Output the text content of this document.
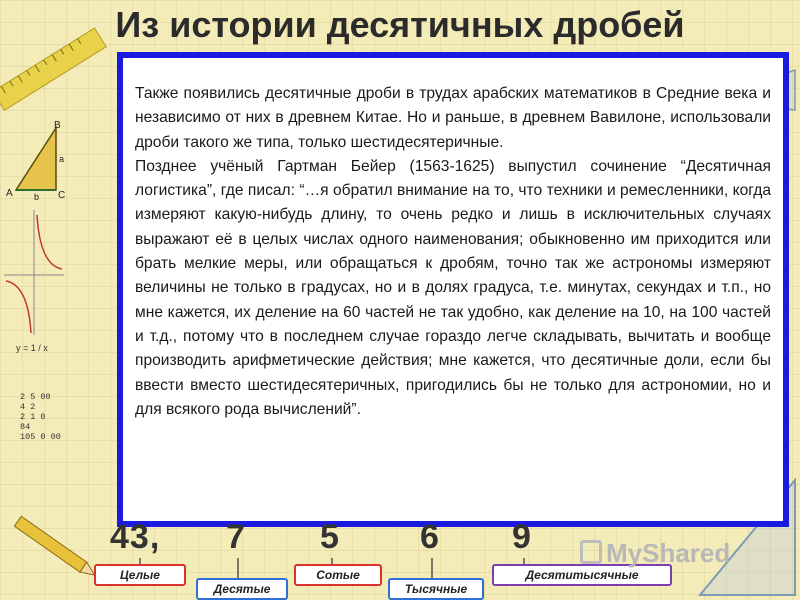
A
B
C
a
b
y = 1 / x
2 5 00
4 2
2 1 0
84
105 0 00
Из истории десятичных дробей

Также появились десятичные дроби в трудах арабских математиков в Средние века и независимо от них в древнем Китае. Но и раньше, в древнем Вавилоне, использовали дроби такого же типа, только шестидесятеричные.

Позднее учёный Гартман Бейер (1563-1625) выпустил сочинение “Десятичная логистика”, где писал: “…я обратил внимание на то, что техники и ремесленники, когда измеряют какую-нибудь длину, то очень редко и лишь в исключительных случаях выражают её в целых числах одного наименования; обыкновенно им приходится или брать мелкие меры, или обращаться к дробям, точно так же астрономы измеряют величины не только в градусах, но и в долях градуса, т.е. минутах, секундах и т.п., но мне кажется, их деление на 60 частей не так удобно, как деление на 10, на 100 частей и т.д., потому что в последнем случае гораздо легче складывать, вычитать и вообще производить арифметические действия; мне кажется, что десятичные доли, если бы ввести вместо шестидесятеричных, пригодились бы не только для астрономии, но и для всякого рода вычислений”.

43, 7 5 6 9
Целые
Десятые
Сотые
Тысячные
Десятитысячные
MyShared
